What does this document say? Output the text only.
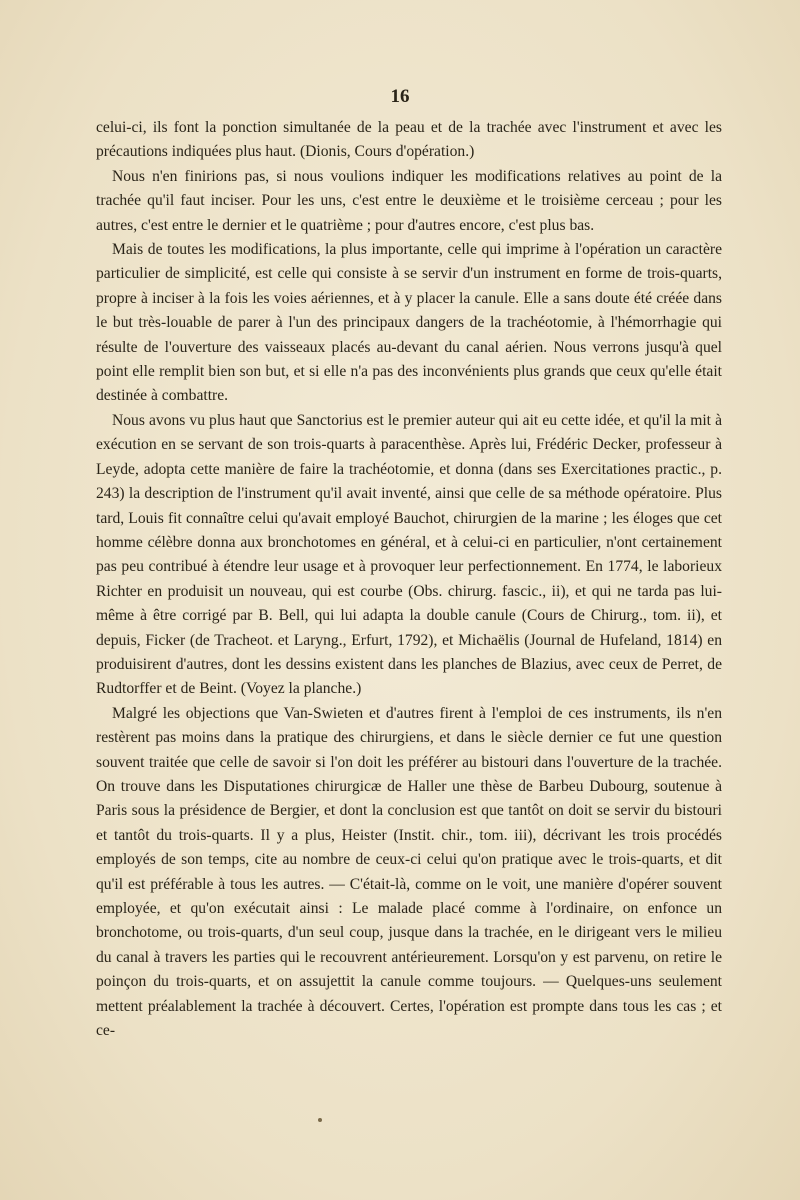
16

celui-ci, ils font la ponction simultanée de la peau et de la trachée avec l'instrument et avec les précautions indiquées plus haut. (Dionis, Cours d'opération.)

Nous n'en finirions pas, si nous voulions indiquer les modifications relatives au point de la trachée qu'il faut inciser. Pour les uns, c'est entre le deuxième et le troisième cerceau ; pour les autres, c'est entre le dernier et le quatrième ; pour d'autres encore, c'est plus bas.

Mais de toutes les modifications, la plus importante, celle qui imprime à l'opération un caractère particulier de simplicité, est celle qui consiste à se servir d'un instrument en forme de trois-quarts, propre à inciser à la fois les voies aériennes, et à y placer la canule. Elle a sans doute été créée dans le but très-louable de parer à l'un des principaux dangers de la trachéotomie, à l'hémorrhagie qui résulte de l'ouverture des vaisseaux placés au-devant du canal aérien. Nous verrons jusqu'à quel point elle remplit bien son but, et si elle n'a pas des inconvénients plus grands que ceux qu'elle était destinée à combattre.

Nous avons vu plus haut que Sanctorius est le premier auteur qui ait eu cette idée, et qu'il la mit à exécution en se servant de son trois-quarts à paracenthèse. Après lui, Frédéric Decker, professeur à Leyde, adopta cette manière de faire la trachéotomie, et donna (dans ses Exercitationes practic., p. 243) la description de l'instrument qu'il avait inventé, ainsi que celle de sa méthode opératoire. Plus tard, Louis fit connaître celui qu'avait employé Bauchot, chirurgien de la marine ; les éloges que cet homme célèbre donna aux bronchotomes en général, et à celui-ci en particulier, n'ont certainement pas peu contribué à étendre leur usage et à provoquer leur perfectionnement. En 1774, le laborieux Richter en produisit un nouveau, qui est courbe (Obs. chirurg. fascic., ii), et qui ne tarda pas lui-même à être corrigé par B. Bell, qui lui adapta la double canule (Cours de Chirurg., tom. ii), et depuis, Ficker (de Tracheot. et Laryng., Erfurt, 1792), et Michaëlis (Journal de Hufeland, 1814) en produisirent d'autres, dont les dessins existent dans les planches de Blazius, avec ceux de Perret, de Rudtorffer et de Beint. (Voyez la planche.)

Malgré les objections que Van-Swieten et d'autres firent à l'emploi de ces instruments, ils n'en restèrent pas moins dans la pratique des chirurgiens, et dans le siècle dernier ce fut une question souvent traitée que celle de savoir si l'on doit les préférer au bistouri dans l'ouverture de la trachée. On trouve dans les Disputationes chirurgicæ de Haller une thèse de Barbeu Dubourg, soutenue à Paris sous la présidence de Bergier, et dont la conclusion est que tantôt on doit se servir du bistouri et tantôt du trois-quarts. Il y a plus, Heister (Instit. chir., tom. iii), décrivant les trois procédés employés de son temps, cite au nombre de ceux-ci celui qu'on pratique avec le trois-quarts, et dit qu'il est préférable à tous les autres. — C'était-là, comme on le voit, une manière d'opérer souvent employée, et qu'on exécutait ainsi : Le malade placé comme à l'ordinaire, on enfonce un bronchotome, ou trois-quarts, d'un seul coup, jusque dans la trachée, en le dirigeant vers le milieu du canal à travers les parties qui le recouvrent antérieurement. Lorsqu'on y est parvenu, on retire le poinçon du trois-quarts, et on assujettit la canule comme toujours. — Quelques-uns seulement mettent préalablement la trachée à découvert. Certes, l'opération est prompte dans tous les cas ; et ce-
